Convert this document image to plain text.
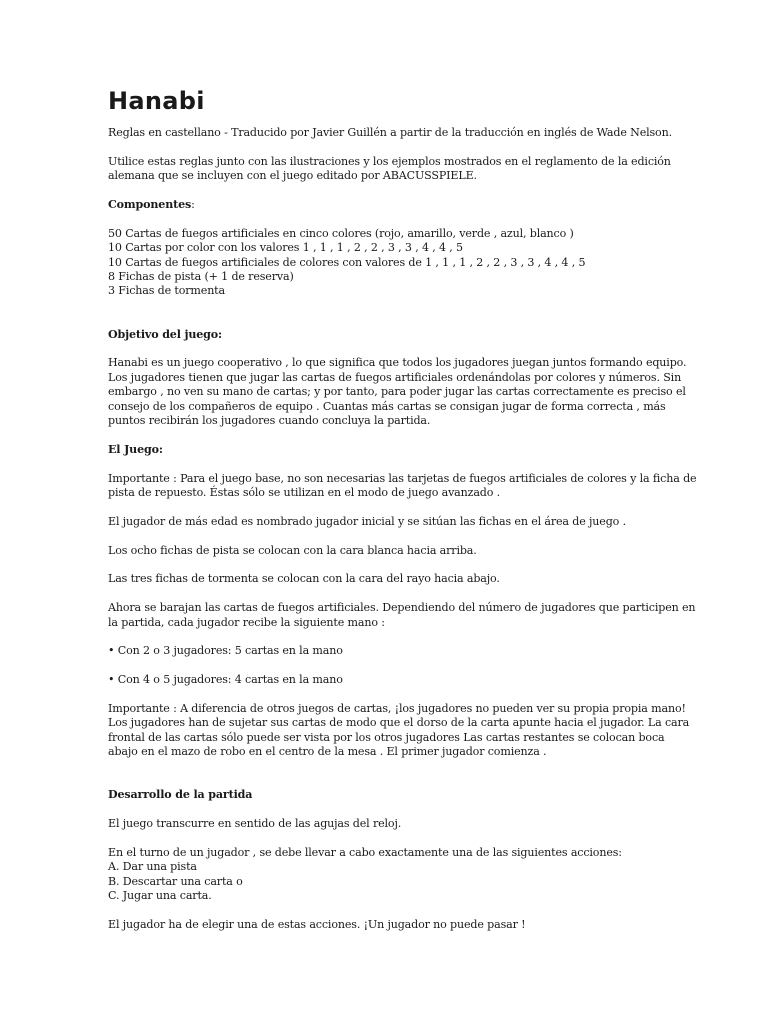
Hanabi

Reglas en castellano - Traducido por Javier Guillén a partir de la traducción en inglés de Wade Nelson.

Utilice estas reglas junto con las ilustraciones y los ejemplos mostrados en el reglamento de la edición
alemana que se incluyen con el juego editado por ABACUSSPIELE.

Componentes:

50 Cartas de fuegos artificiales en cinco colores (rojo, amarillo, verde , azul, blanco )
10 Cartas por color con los valores 1 , 1 , 1 , 2 , 2 , 3 , 3 , 4 , 4 , 5
10 Cartas de fuegos artificiales de colores con valores de 1 , 1 , 1 , 2 , 2 , 3 , 3 , 4 , 4 , 5
8 Fichas de pista (+ 1 de reserva)
3 Fichas de tormenta

Objetivo del juego:

Hanabi es un juego cooperativo , lo que significa que todos los jugadores juegan juntos formando equipo.
Los jugadores tienen que jugar las cartas de fuegos artificiales ordenándolas por colores y números. Sin
embargo , no ven su mano de cartas; y por tanto, para poder jugar las cartas correctamente es preciso el
consejo de los compañeros de equipo . Cuantas más cartas se consigan jugar de forma correcta , más
puntos recibirán los jugadores cuando concluya la partida.

El Juego:

Importante : Para el juego base, no son necesarias las tarjetas de fuegos artificiales de colores y la ficha de
pista de repuesto. Éstas sólo se utilizan en el modo de juego avanzado .

El jugador de más edad es nombrado jugador inicial y se sitúan las fichas en el área de juego .

Los ocho fichas de pista se colocan con la cara blanca hacia arriba.

Las tres fichas de tormenta se colocan con la cara del rayo hacia abajo.

Ahora se barajan las cartas de fuegos artificiales. Dependiendo del número de jugadores que participen en
la partida, cada jugador recibe la siguiente mano :

• Con 2 o 3 jugadores: 5 cartas en la mano

• Con 4 o 5 jugadores: 4 cartas en la mano

Importante : A diferencia de otros juegos de cartas, ¡los jugadores no pueden ver su propia propia mano!
Los jugadores han de sujetar sus cartas de modo que el dorso de la carta apunte hacia el jugador. La cara
frontal de las cartas sólo puede ser vista por los otros jugadores Las cartas restantes se colocan boca
abajo en el mazo de robo en el centro de la mesa . El primer jugador comienza .

Desarrollo de la partida

El juego transcurre en sentido de las agujas del reloj.

En el turno de un jugador , se debe llevar a cabo exactamente una de las siguientes acciones:
A. Dar una pista
B. Descartar una carta o
C. Jugar una carta.

El jugador ha de elegir una de estas acciones. ¡Un jugador no puede pasar !
